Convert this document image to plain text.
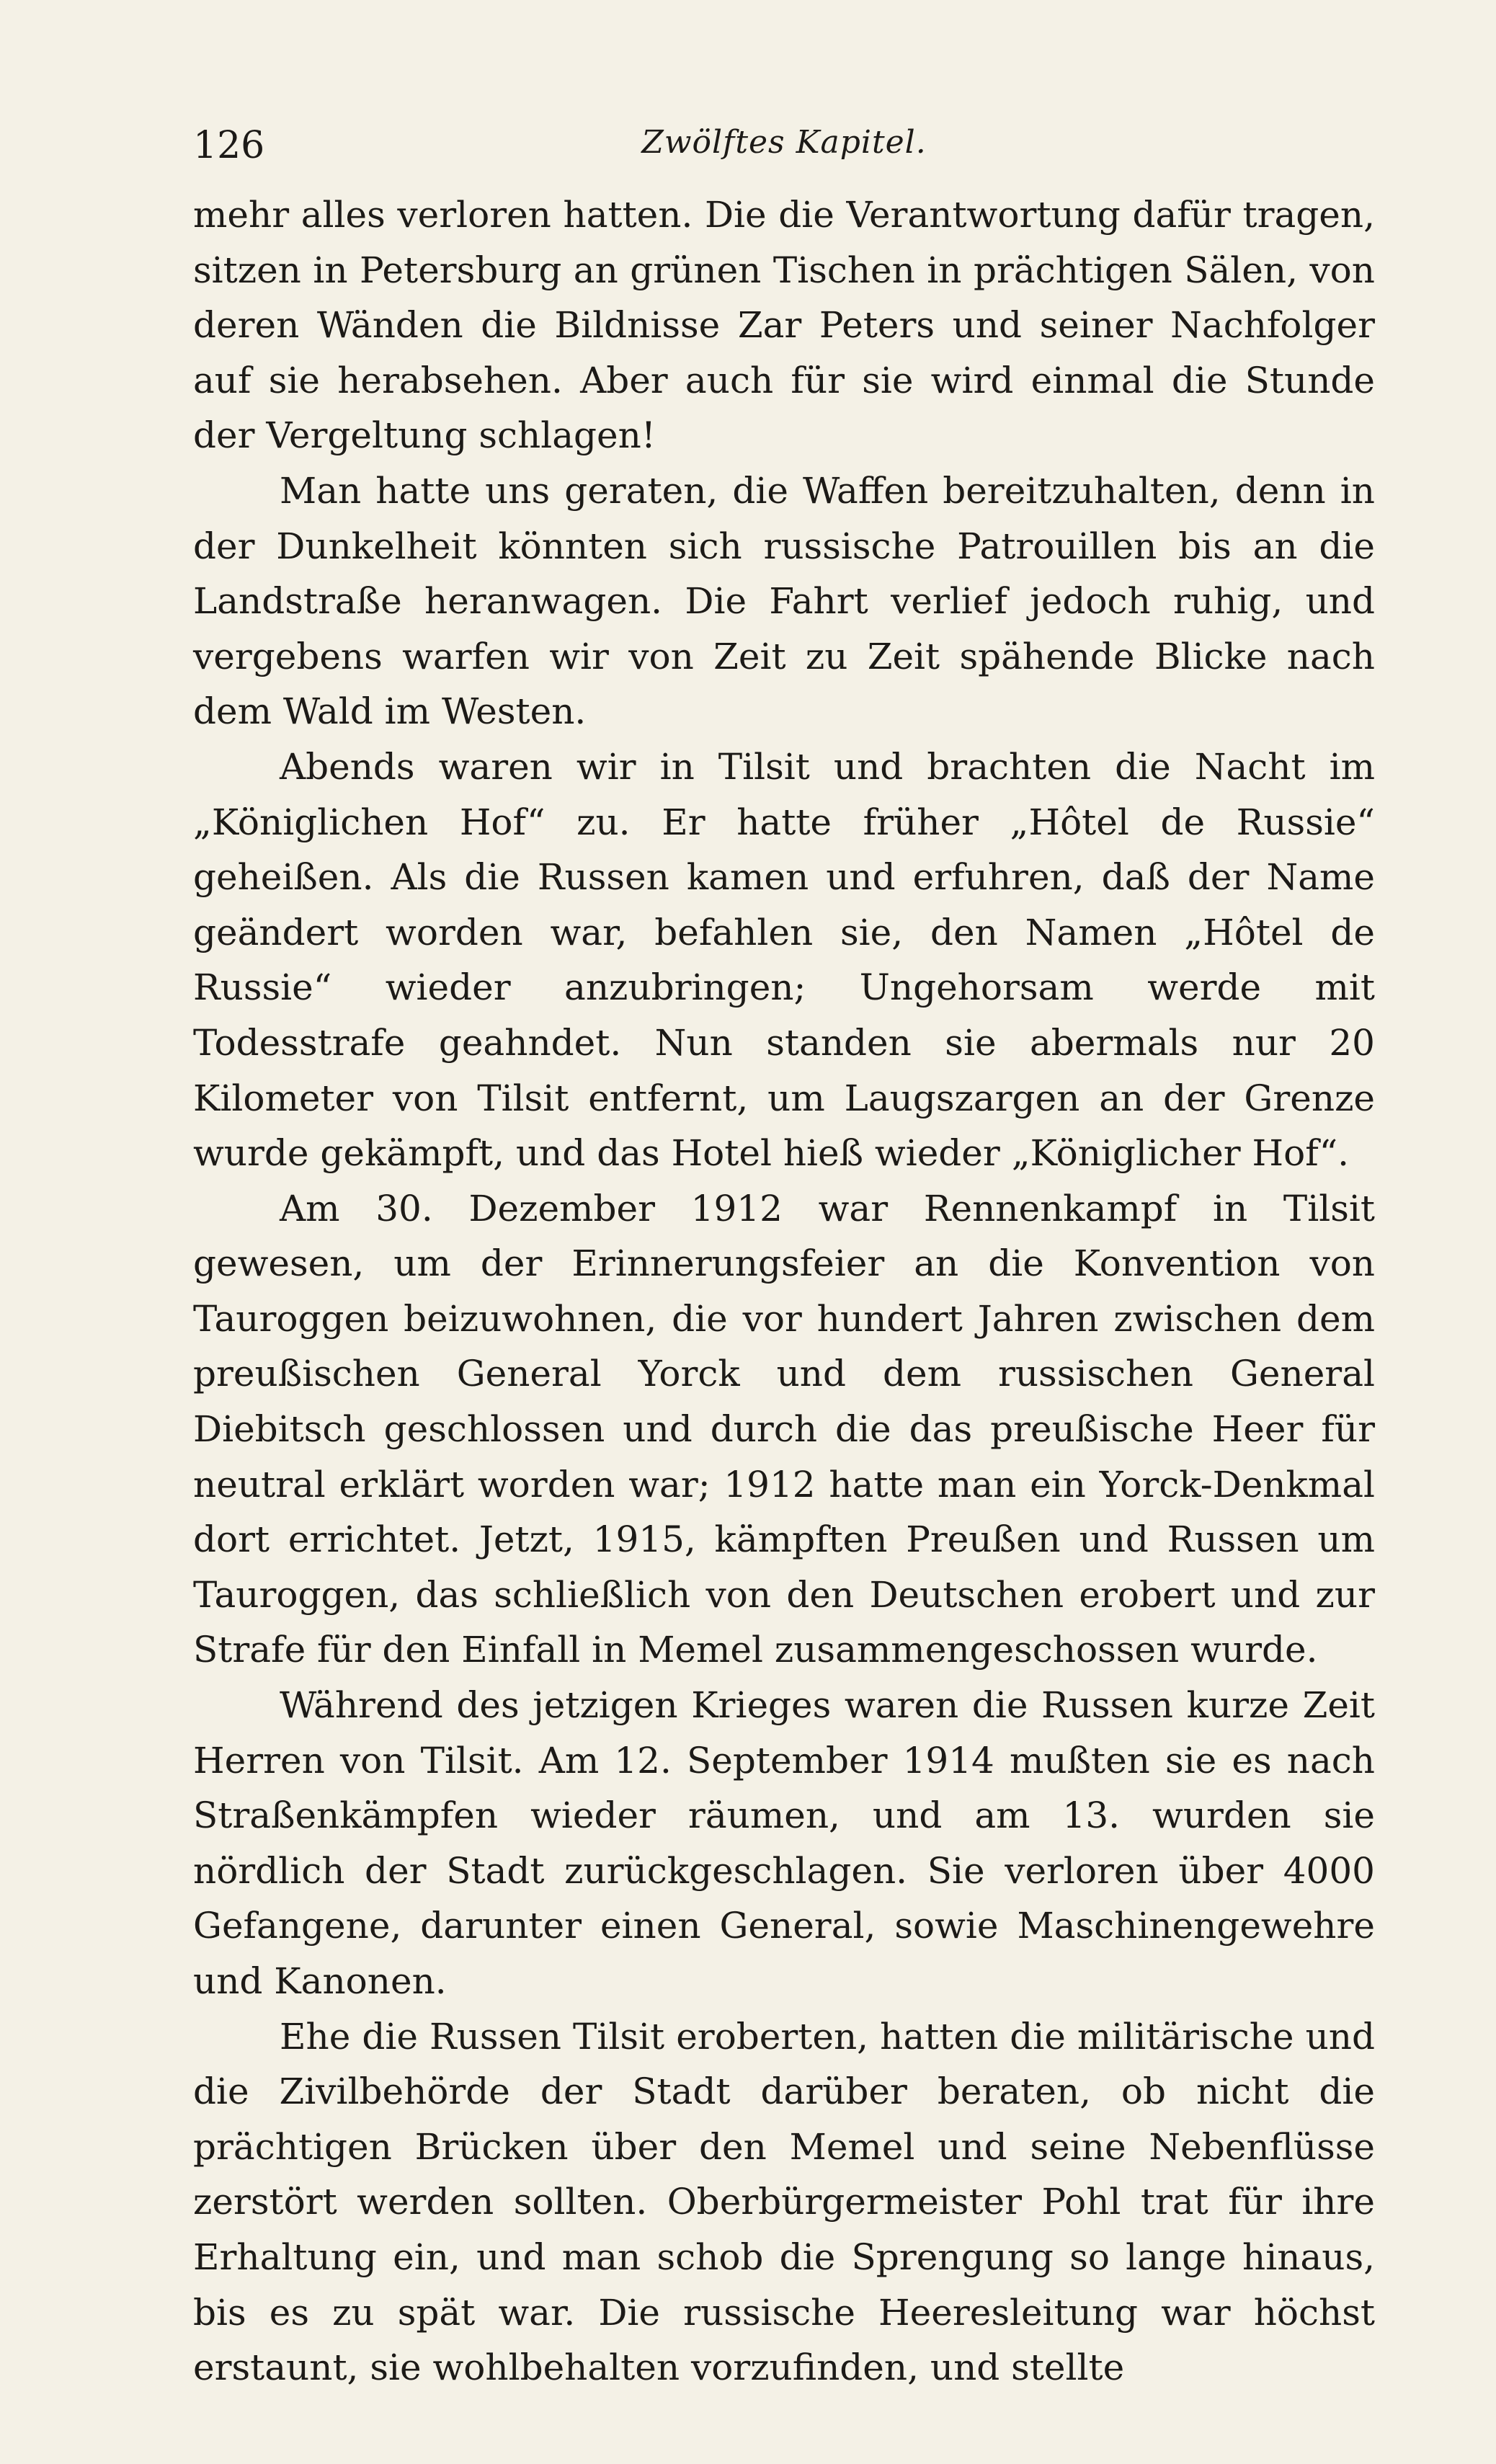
126	Zwölftes Kapitel.

mehr alles verloren hatten. Die die Verantwortung dafür tragen, sitzen in Petersburg an grünen Tischen in prächtigen Sälen, von deren Wänden die Bildnisse Zar Peters und seiner Nachfolger auf sie herabsehen. Aber auch für sie wird einmal die Stunde der Vergeltung schlagen!

Man hatte uns geraten, die Waffen bereitzuhalten, denn in der Dunkelheit könnten sich russische Patrouillen bis an die Landstraße heranwagen. Die Fahrt verlief jedoch ruhig, und vergebens warfen wir von Zeit zu Zeit spähende Blicke nach dem Wald im Westen.

Abends waren wir in Tilsit und brachten die Nacht im „Königlichen Hof“ zu. Er hatte früher „Hôtel de Russie“ geheißen. Als die Russen kamen und erfuhren, daß der Name geändert worden war, befahlen sie, den Namen „Hôtel de Russie“ wieder anzubringen; Ungehorsam werde mit Todesstrafe geahndet. Nun standen sie abermals nur 20 Kilometer von Tilsit entfernt, um Laugszargen an der Grenze wurde gekämpft, und das Hotel hieß wieder „Königlicher Hof“.

Am 30. Dezember 1912 war Rennenkampf in Tilsit gewesen, um der Erinnerungsfeier an die Konvention von Tauroggen beizuwohnen, die vor hundert Jahren zwischen dem preußischen General Yorck und dem russischen General Diebitsch geschlossen und durch die das preußische Heer für neutral erklärt worden war; 1912 hatte man ein Yorck-Denkmal dort errichtet. Jetzt, 1915, kämpften Preußen und Russen um Tauroggen, das schließlich von den Deutschen erobert und zur Strafe für den Einfall in Memel zusammengeschossen wurde.

Während des jetzigen Krieges waren die Russen kurze Zeit Herren von Tilsit. Am 12. September 1914 mußten sie es nach Straßenkämpfen wieder räumen, und am 13. wurden sie nördlich der Stadt zurückgeschlagen. Sie verloren über 4000 Gefangene, darunter einen General, sowie Maschinengewehre und Kanonen.

Ehe die Russen Tilsit eroberten, hatten die militärische und die Zivilbehörde der Stadt darüber beraten, ob nicht die prächtigen Brücken über den Memel und seine Nebenflüsse zerstört werden sollten. Oberbürgermeister Pohl trat für ihre Erhaltung ein, und man schob die Sprengung so lange hinaus, bis es zu spät war. Die russische Heeresleitung war höchst erstaunt, sie wohlbehalten vorzufinden, und stellte
